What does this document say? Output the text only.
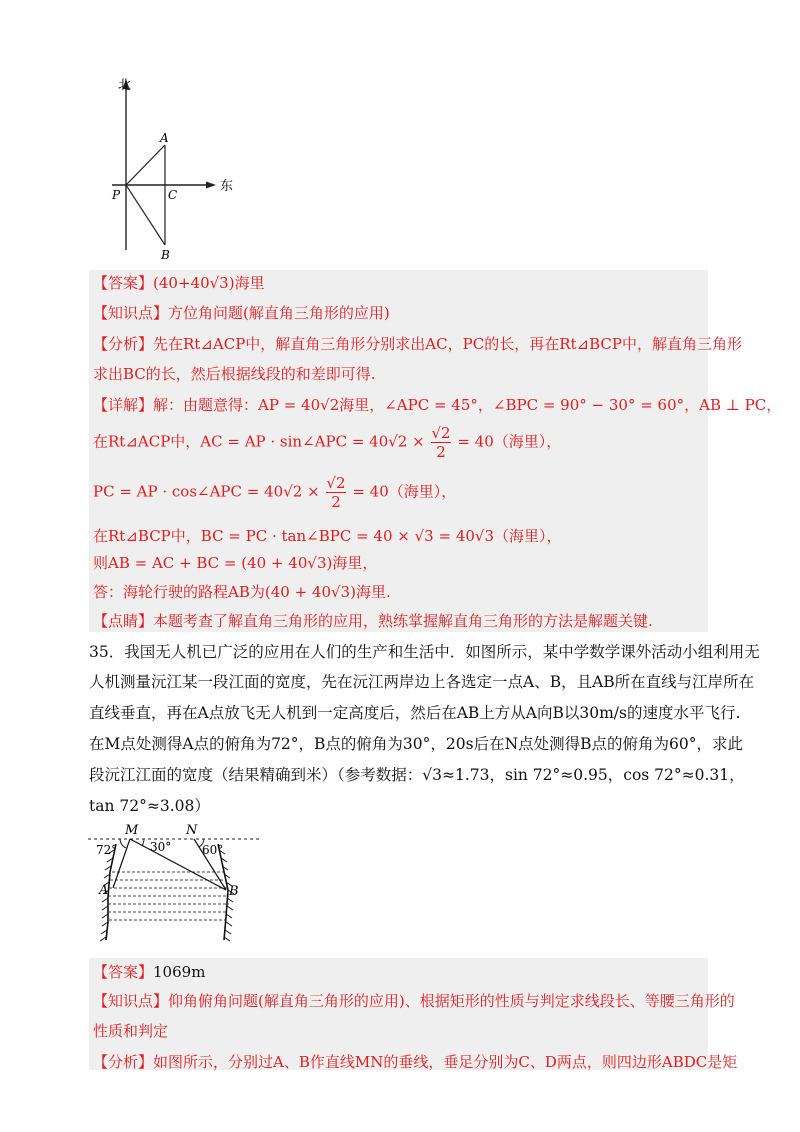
北
东
A
P	C
B
【答案】(40+40√3)海里
【知识点】方位角问题(解直角三角形的应用)
【分析】先在Rt⊿ACP中，解直角三角形分别求出AC，PC的长，再在Rt⊿BCP中，解直角三角形
求出BC的长，然后根据线段的和差即可得.
【详解】解：由题意得：AP = 40√2海里，∠APC = 45°，∠BPC = 90° − 30° = 60°，AB ⊥ PC，
在Rt⊿ACP中，AC = AP · sin∠APC = $40√2 \times \frac{√2}{2} = 40$（海里），
PC = AP · cos∠APC = $40√2 \times \frac{√2}{2} = 40$（海里），
在Rt⊿BCP中，BC = PC · tan∠BPC = 40 × √3 = 40√3（海里），
则AB = AC + BC = (40 + 40√3)海里，
答：海轮行驶的路程AB为(40 + 40√3)海里.
【点睛】本题考查了解直角三角形的应用，熟练掌握解直角三角形的方法是解题关键.
35．我国无人机已广泛的应用在人们的生产和生活中．如图所示，某中学数学课外活动小组利用无
人机测量沅江某一段江面的宽度，先在沅江两岸边上各选定一点A、B，且AB所在直线与江岸所在
直线垂直，再在A点放飞无人机到一定高度后，然后在AB上方从A向B以30m/s的速度水平飞行.
在M点处测得A点的俯角为72°，B点的俯角为30°，20s后在N点处测得B点的俯角为60°，求此
段沅江江面的宽度（结果精确到米）（参考数据：√3≈1.73，sin 72°≈0.95，cos 72°≈0.31，
tan 72°≈3.08）
M	N
72°	30°	60°
A	B
【答案】1069m
【知识点】仰角俯角问题(解直角三角形的应用)、根据矩形的性质与判定求线段长、等腰三角形的
性质和判定
【分析】如图所示，分别过A、B作直线MN的垂线，垂足分别为C、D两点，则四边形ABDC是矩
